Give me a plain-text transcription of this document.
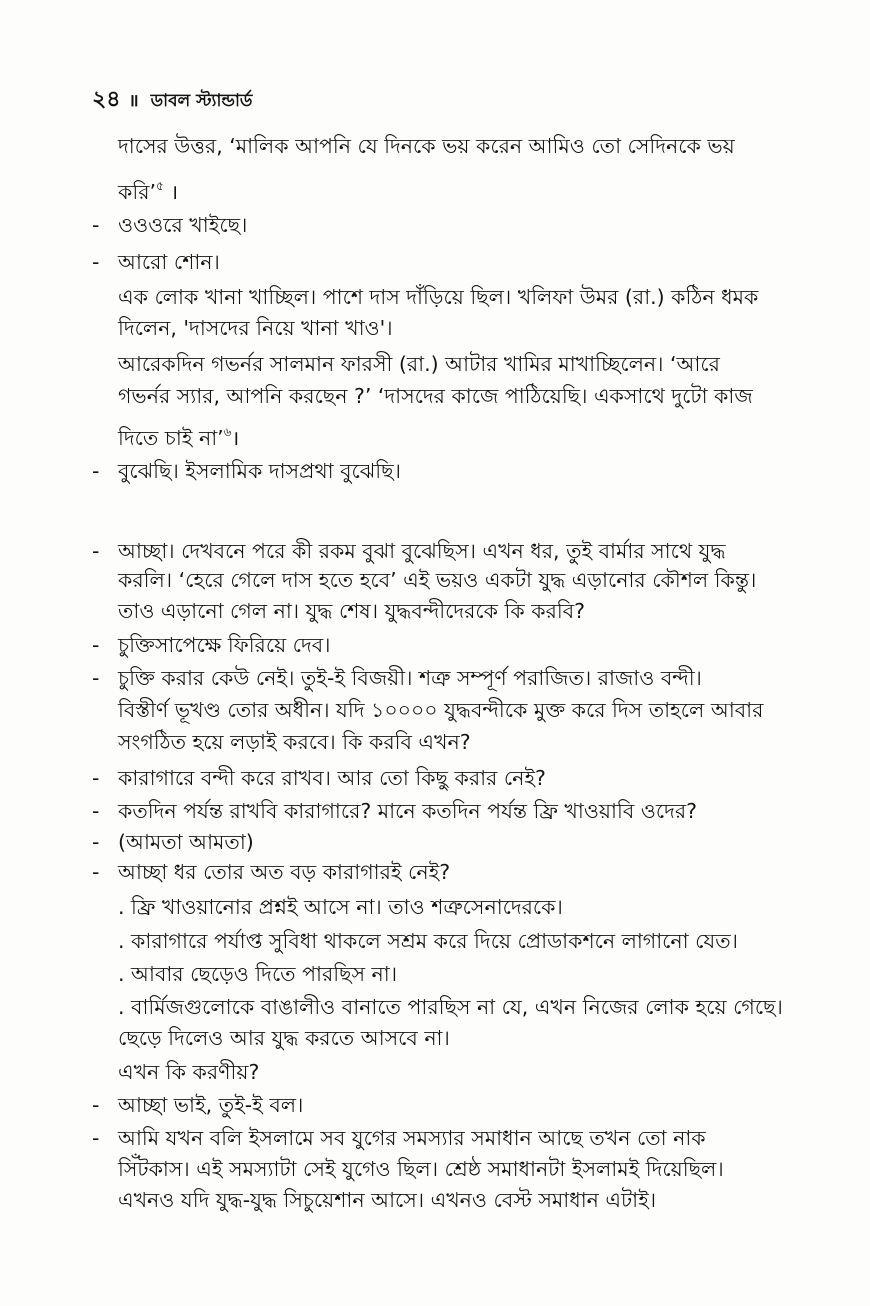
২৪ ॥ ডাবল স্ট্যান্ডার্ড
দাসের উত্তর, ‘মালিক আপনি যে দিনকে ভয় করেন আমিও তো সেদিনকে ভয়
করি’$^৫$ ।
- ওওওরে খাইছে।
- আরো শোন।
এক লোক খানা খাচ্ছিল। পাশে দাস দাঁড়িয়ে ছিল। খলিফা উমর (রা.) কঠিন ধমক
দিলেন, 'দাসদের নিয়ে খানা খাও'।
আরেকদিন গভর্নর সালমান ফারসী (রা.) আটার খামির মাখাচ্ছিলেন। ‘আরে
গভর্নর স্যার, আপনি করছেন ?’ ‘দাসদের কাজে পাঠিয়েছি। একসাথে দুটো কাজ
দিতে চাই না’$^৬$।
- বুঝেছি। ইসলামিক দাসপ্রথা বুঝেছি।
- আচ্ছা। দেখবনে পরে কী রকম বুঝা বুঝেছিস। এখন ধর, তুই বার্মার সাথে যুদ্ধ
করলি। ‘হেরে গেলে দাস হতে হবে’ এই ভয়ও একটা যুদ্ধ এড়ানোর কৌশল কিন্তু।
তাও এড়ানো গেল না। যুদ্ধ শেষ। যুদ্ধবন্দীদেরকে কি করবি?
- চুক্তিসাপেক্ষে ফিরিয়ে দেব।
- চুক্তি করার কেউ নেই। তুই-ই বিজয়ী। শত্রু সম্পূর্ণ পরাজিত। রাজাও বন্দী।
বিস্তীর্ণ ভূখণ্ড তোর অধীন। যদি ১০০০০ যুদ্ধবন্দীকে মুক্ত করে দিস তাহলে আবার
সংগঠিত হয়ে লড়াই করবে। কি করবি এখন?
- কারাগারে বন্দী করে রাখব। আর তো কিছু করার নেই?
- কতদিন পর্যন্ত রাখবি কারাগারে? মানে কতদিন পর্যন্ত ফ্রি খাওয়াবি ওদের?
- (আমতা আমতা)
- আচ্ছা ধর তোর অত বড় কারাগারই নেই?
. ফ্রি খাওয়ানোর প্রশ্নই আসে না। তাও শত্রুসেনাদেরকে।
. কারাগারে পর্যাপ্ত সুবিধা থাকলে সশ্রম করে দিয়ে প্রোডাকশনে লাগানো যেত।
. আবার ছেড়েও দিতে পারছিস না।
. বার্মিজগুলোকে বাঙালীও বানাতে পারছিস না যে, এখন নিজের লোক হয়ে গেছে।
ছেড়ে দিলেও আর যুদ্ধ করতে আসবে না।
এখন কি করণীয়?
- আচ্ছা ভাই, তুই-ই বল।
- আমি যখন বলি ইসলামে সব যুগের সমস্যার সমাধান আছে তখন তো নাক
সিঁটকাস। এই সমস্যাটা সেই যুগেও ছিল। শ্রেষ্ঠ সমাধানটা ইসলামই দিয়েছিল।
এখনও যদি যুদ্ধ-যুদ্ধ সিচুয়েশান আসে। এখনও বেস্ট সমাধান এটাই।
